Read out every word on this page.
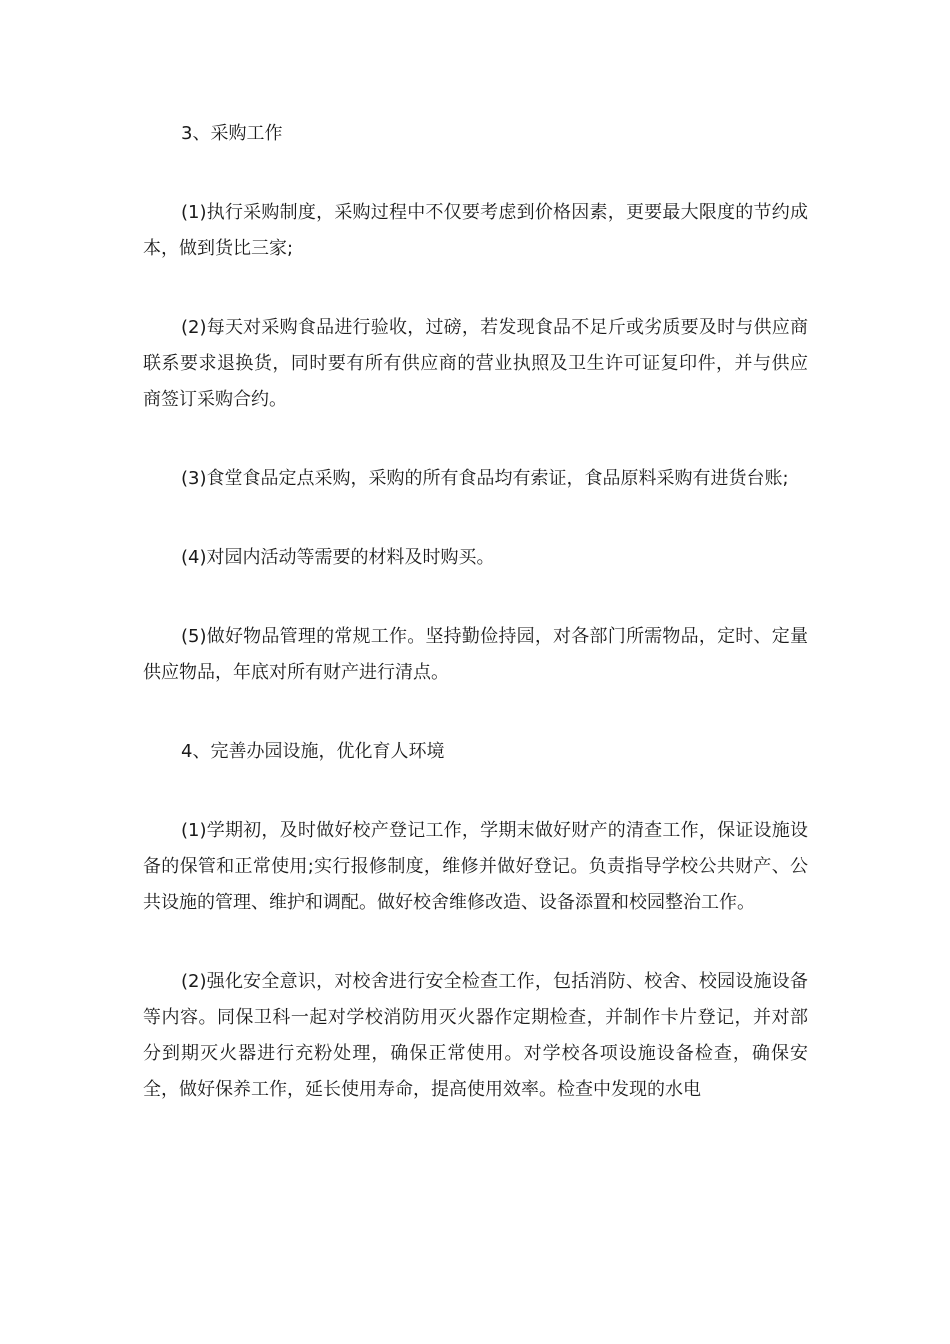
3、采购工作

(1)执行采购制度，采购过程中不仅要考虑到价格因素，更要最大限度的节约成本，做到货比三家;

(2)每天对采购食品进行验收，过磅，若发现食品不足斤或劣质要及时与供应商联系要求退换货，同时要有所有供应商的营业执照及卫生许可证复印件，并与供应商签订采购合约。

(3)食堂食品定点采购，采购的所有食品均有索证，食品原料采购有进货台账;

(4)对园内活动等需要的材料及时购买。

(5)做好物品管理的常规工作。坚持勤俭持园，对各部门所需物品，定时、定量供应物品，年底对所有财产进行清点。

4、完善办园设施，优化育人环境

(1)学期初，及时做好校产登记工作，学期末做好财产的清查工作，保证设施设备的保管和正常使用;实行报修制度，维修并做好登记。负责指导学校公共财产、公共设施的管理、维护和调配。做好校舍维修改造、设备添置和校园整治工作。

(2)强化安全意识，对校舍进行安全检查工作，包括消防、校舍、校园设施设备等内容。同保卫科一起对学校消防用灭火器作定期检查，并制作卡片登记，并对部分到期灭火器进行充粉处理，确保正常使用。对学校各项设施设备检查，确保安全，做好保养工作，延长使用寿命，提高使用效率。检查中发现的水电
